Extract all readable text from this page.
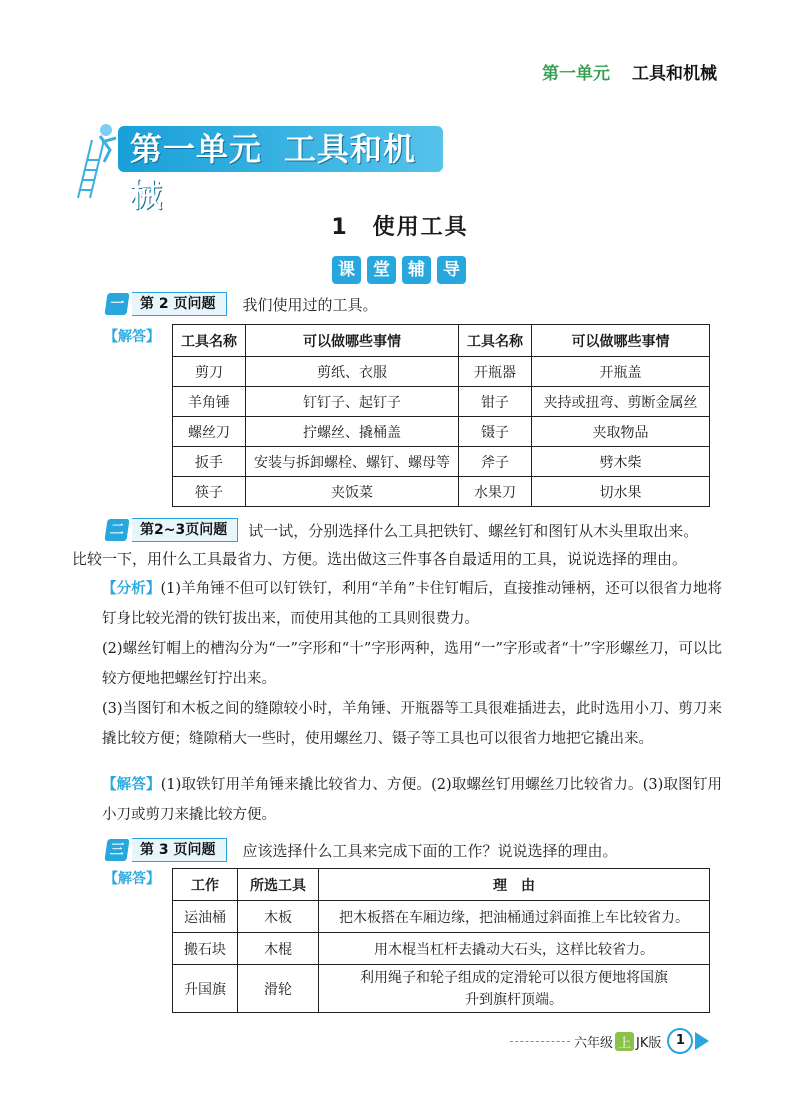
第一单元 工具和机械
第一单元 工具和机械
1　使用工具
课	堂	辅	导
一	第 2 页问题	我们使用过的工具。
【解答】 工具名称	可以做哪些事情	工具名称	可以做哪些事情
剪刀	剪纸、衣服	开瓶器	开瓶盖
羊角锤	钉钉子、起钉子	钳子	夹持或扭弯、剪断金属丝
螺丝刀	拧螺丝、撬桶盖	镊子	夹取物品
扳手	安装与拆卸螺栓、螺钉、螺母等	斧子	劈木柴
筷子	夹饭菜	水果刀	切水果
二	第2~3页问题	试一试，分别选择什么工具把铁钉、螺丝钉和图钉从木头里取出来。
比较一下，用什么工具最省力、方便。选出做这三件事各自最适用的工具，说说选择的理由。
【分析】(1)羊角锤不但可以钉铁钉，利用“羊角”卡住钉帽后，直接推动锤柄，还可以很省力地将钉身比较光滑的铁钉拔出来，而使用其他的工具则很费力。
(2)螺丝钉帽上的槽沟分为“一”字形和“十”字形两种，选用“一”字形或者“十”字形螺丝刀，可以比较方便地把螺丝钉拧出来。
(3)当图钉和木板之间的缝隙较小时，羊角锤、开瓶器等工具很难插进去，此时选用小刀、剪刀来撬比较方便；缝隙稍大一些时，使用螺丝刀、镊子等工具也可以很省力地把它撬出来。
【解答】(1)取铁钉用羊角锤来撬比较省力、方便。(2)取螺丝钉用螺丝刀比较省力。(3)取图钉用小刀或剪刀来撬比较方便。
三	第 3 页问题	应该选择什么工具来完成下面的工作？说说选择的理由。
【解答】 工作	所选工具	理　由
运油桶	木板	把木板搭在车厢边缘，把油桶通过斜面推上车比较省力。
搬石块	木棍	用木棍当杠杆去撬动大石头，这样比较省力。
升国旗	滑轮	利用绳子和轮子组成的定滑轮可以很方便地将国旗升到旗杆顶端。
六年级 上 JK版	1
